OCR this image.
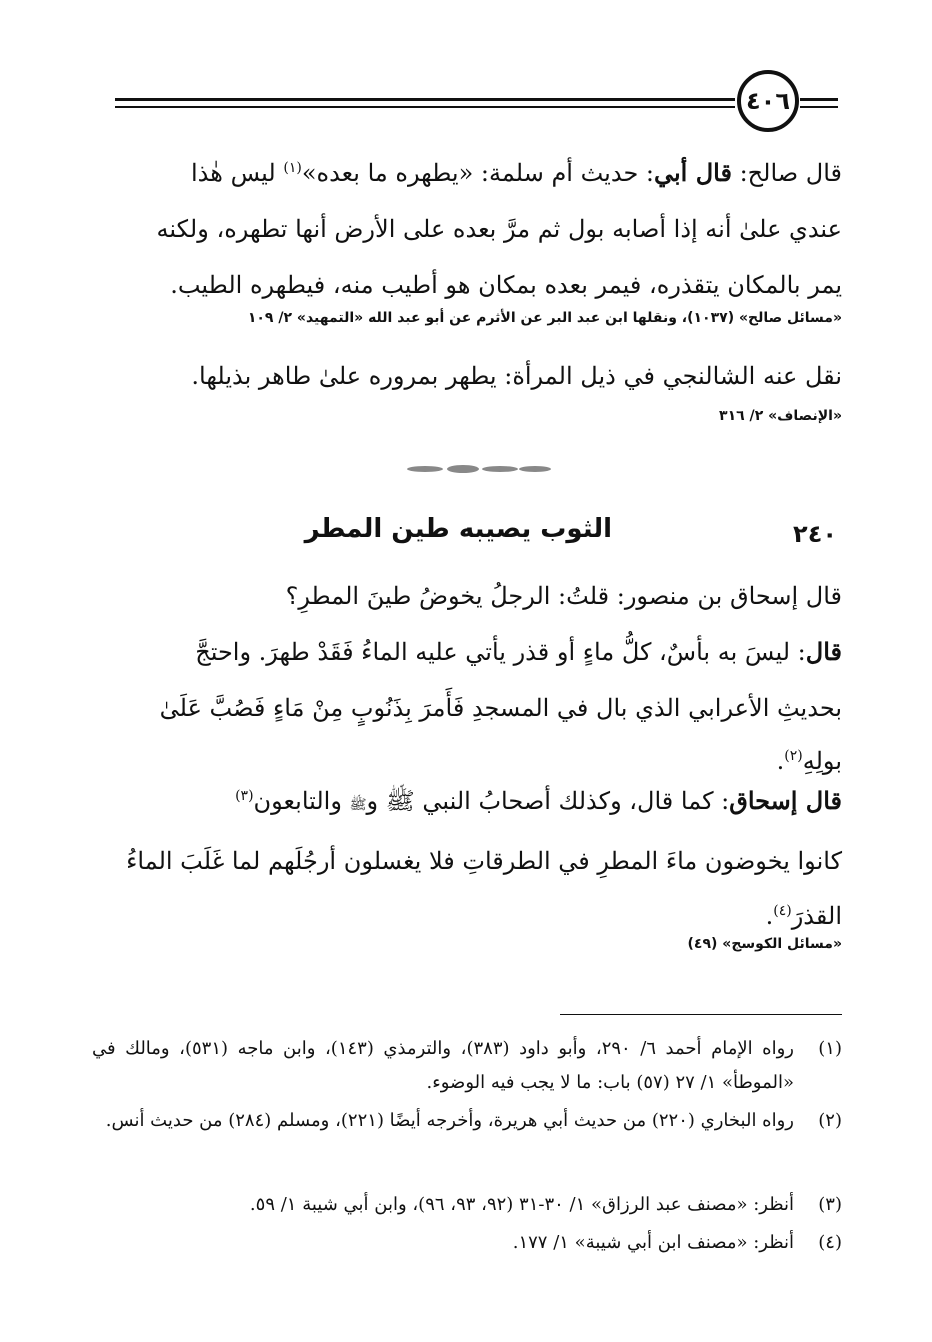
٤٠٦
قال صالح: قال أبي: حديث أم سلمة: «يطهره ما بعده»$^{(١)}$ ليس هٰذا
عندي علىٰ أنه إذا أصابه بول ثم مرَّ بعده على الأرض أنها تطهره، ولكنه
يمر بالمكان يتقذره، فيمر بعده بمكان هو أطيب منه، فيطهره الطيب.
«مسائل صالح» (١٠٣٧)، ونقلها ابن عبد البر عن الأثرم عن أبو عبد الله «التمهيد» ٢/ ١٠٩
نقل عنه الشالنجي في ذيل المرأة: يطهر بمروره علىٰ طاهر بذيلها.
«الإنصاف» ٢/ ٣١٦
٢٤٠
الثوب يصيبه طين المطر
قال إسحاق بن منصور: قلتُ: الرجلُ يخوضُ طينَ المطرِ؟
قال: ليسَ به بأسٌ، كلُّ ماءٍ أو قذر يأتي عليه الماءُ فَقَدْ طهرَ. واحتجَّ
بحديثِ الأعرابي الذي بال في المسجدِ فَأَمرَ بِذَنُوبٍ مِنْ مَاءٍ فَصُبَّ عَلَىٰ
بولِهِ$^{(٢)}$.
قال إسحاق: كما قال، وكذلك أصحابُ النبي ﷺ وﷺ والتابعون$^{(٣)}$
كانوا يخوضون ماءَ المطرِ في الطرقاتِ فلا يغسلون أرجُلَهم لما غَلَبَ الماءُ
القذرَ$^{(٤)}$.
«مسائل الكوسج» (٤٩)
(١)
رواه الإمام أحمد ٦/ ٢٩٠، وأبو داود (٣٨٣)، والترمذي (١٤٣)، وابن ماجه (٥٣١)، ومالك في «الموطأ» ١/ ٢٧ (٥٧) باب: ما لا يجب فيه الوضوء.
(٢)
رواه البخاري (٢٢٠) من حديث أبي هريرة، وأخرجه أيضًا (٢٢١)، ومسلم (٢٨٤) من حديث أنس.
(٣)
أنظر: «مصنف عبد الرزاق» ١/ ٣٠-٣١ (٩٢، ٩٣، ٩٦)، وابن أبي شيبة ١/ ٥٩.
(٤)
أنظر: «مصنف ابن أبي شيبة» ١/ ١٧٧.
